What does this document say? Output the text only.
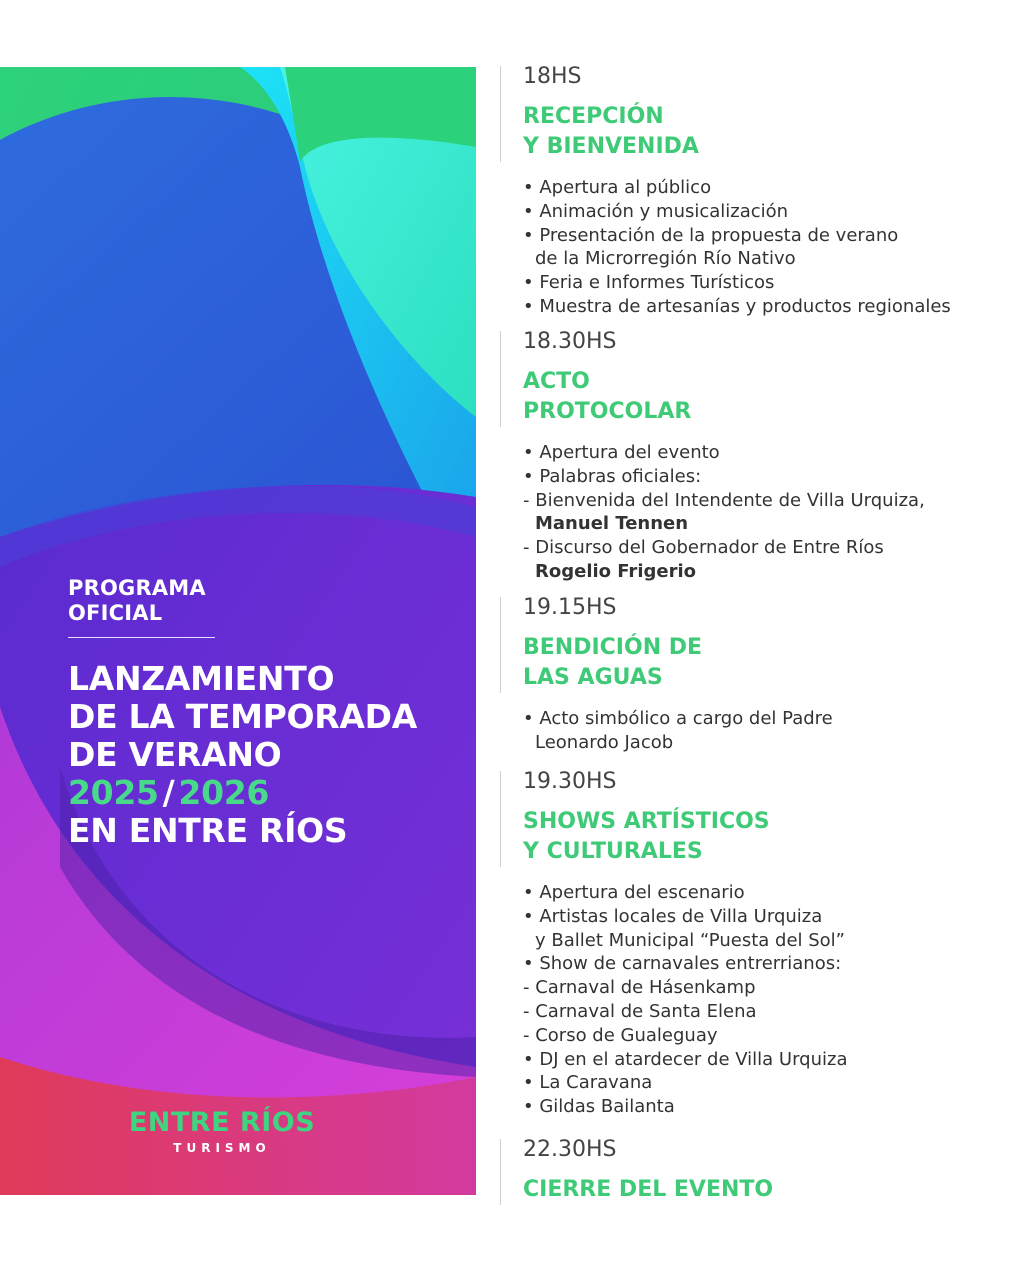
PROGRAMA
OFICIAL
LANZAMIENTO
DE LA TEMPORADA
DE VERANO
2025 / 2026
EN ENTRE RÍOS
ENTRE RÍOS
TURISMO
18HS
RECEPCIÓN
Y BIENVENIDA
• Apertura al público
• Animación y musicalización
• Presentación de la propuesta de verano
de la Microrregión Río Nativo
• Feria e Informes Turísticos
• Muestra de artesanías y productos regionales
18.30HS
ACTO
PROTOCOLAR
• Apertura del evento
• Palabras oficiales:
- Bienvenida del Intendente de Villa Urquiza,
Manuel Tennen
- Discurso del Gobernador de Entre Ríos
Rogelio Frigerio
19.15HS
BENDICIÓN DE
LAS AGUAS
• Acto simbólico a cargo del Padre
Leonardo Jacob
19.30HS
SHOWS ARTÍSTICOS
Y CULTURALES
• Apertura del escenario
• Artistas locales de Villa Urquiza
y Ballet Municipal “Puesta del Sol”
• Show de carnavales entrerrianos:
- Carnaval de Hásenkamp
- Carnaval de Santa Elena
- Corso de Gualeguay
• DJ en el atardecer de Villa Urquiza
• La Caravana
• Gildas Bailanta
22.30HS
CIERRE DEL EVENTO
